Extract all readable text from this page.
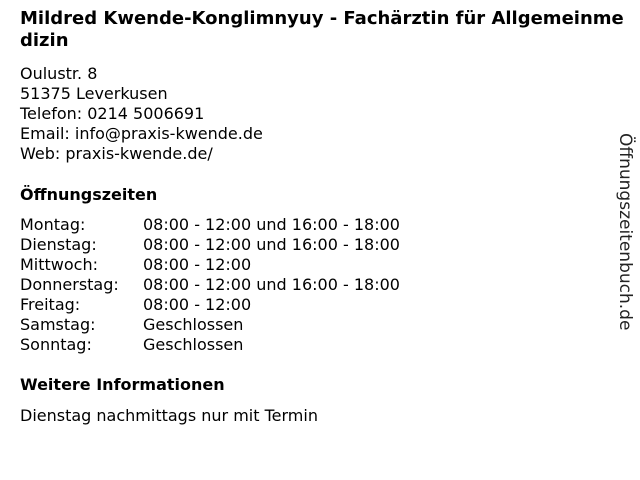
Mildred Kwende-Konglimnyuy - Fachärztin für Allgemeinmedizin
Oulustr. 8
51375 Leverkusen
Telefon: 0214 5006691
Email: info@praxis-kwende.de
Web: praxis-kwende.de/
Öffnungszeiten
Montag:	08:00 - 12:00 und 16:00 - 18:00
Dienstag:	08:00 - 12:00 und 16:00 - 18:00
Mittwoch:	08:00 - 12:00
Donnerstag:	08:00 - 12:00 und 16:00 - 18:00
Freitag:	08:00 - 12:00
Samstag:	Geschlossen
Sonntag:	Geschlossen
Weitere Informationen
Dienstag nachmittags nur mit Termin
Öffnungszeitenbuch.de
